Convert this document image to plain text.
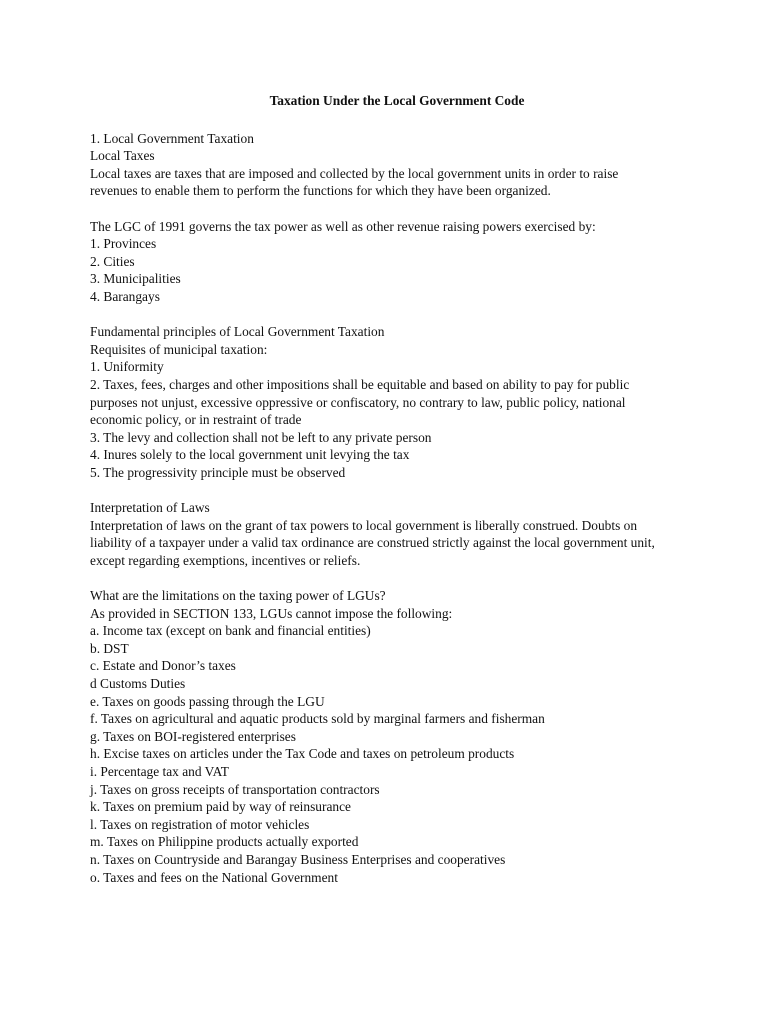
Taxation Under the Local Government Code
1. Local Government Taxation
Local Taxes
Local taxes are taxes that are imposed and collected by the local government units in order to raise
revenues to enable them to perform the functions for which they have been organized.
The LGC of 1991 governs the tax power as well as other revenue raising powers exercised by:
1. Provinces
2. Cities
3. Municipalities
4. Barangays
Fundamental principles of Local Government Taxation
Requisites of municipal taxation:
1. Uniformity
2. Taxes, fees, charges and other impositions shall be equitable and based on ability to pay for public
purposes not unjust, excessive oppressive or confiscatory, no contrary to law, public policy, national
economic policy, or in restraint of trade
3. The levy and collection shall not be left to any private person
4. Inures solely to the local government unit levying the tax
5. The progressivity principle must be observed
Interpretation of Laws
Interpretation of laws on the grant of tax powers to local government is liberally construed. Doubts on
liability of a taxpayer under a valid tax ordinance are construed strictly against the local government unit,
except regarding exemptions, incentives or reliefs.
What are the limitations on the taxing power of LGUs?
As provided in SECTION 133, LGUs cannot impose the following:
a. Income tax (except on bank and financial entities)
b. DST
c. Estate and Donor’s taxes
d Customs Duties
e. Taxes on goods passing through the LGU
f. Taxes on agricultural and aquatic products sold by marginal farmers and fisherman
g. Taxes on BOI-registered enterprises
h. Excise taxes on articles under the Tax Code and taxes on petroleum products
i. Percentage tax and VAT
j. Taxes on gross receipts of transportation contractors
k. Taxes on premium paid by way of reinsurance
l. Taxes on registration of motor vehicles
m. Taxes on Philippine products actually exported
n. Taxes on Countryside and Barangay Business Enterprises and cooperatives
o. Taxes and fees on the National Government
